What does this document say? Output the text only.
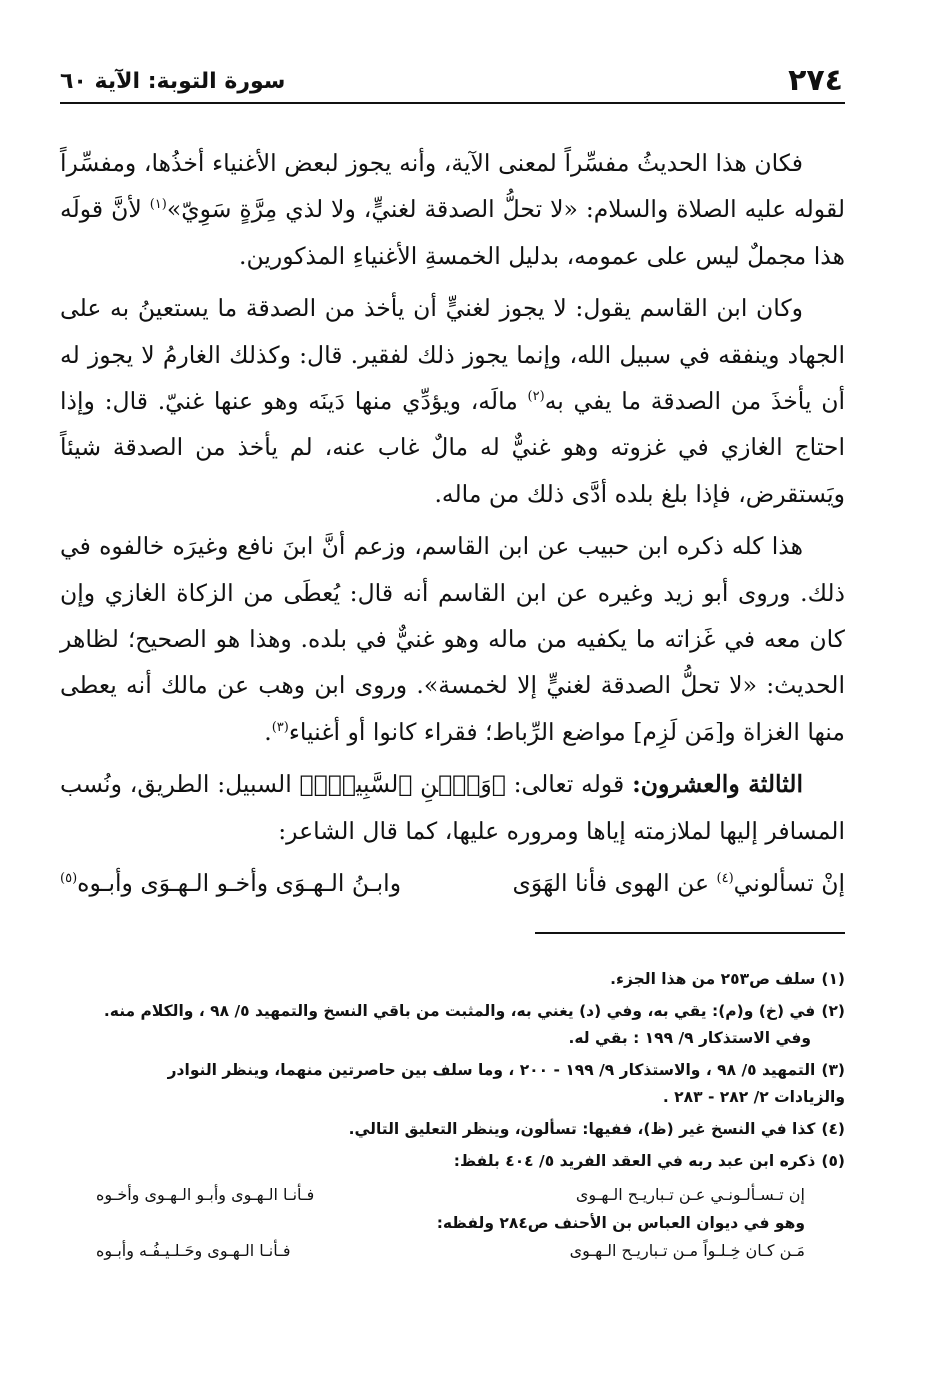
٢٧٤
سورة التوبة: الآية ٦٠

فكان هذا الحديثُ مفسِّراً لمعنى الآية، وأنه يجوز لبعض الأغنياء أخذُها، ومفسِّراً لقوله عليه الصلاة والسلام: «لا تحلُّ الصدقة لغنيٍّ، ولا لذي مِرَّةٍ سَوِيّ»$^{(١)}$ لأنَّ قولَه هذا مجملٌ ليس على عمومه، بدليل الخمسةِ الأغنياءِ المذكورين.

وكان ابن القاسم يقول: لا يجوز لغنيٍّ أن يأخذ من الصدقة ما يستعينُ به على الجهاد وينفقه في سبيل الله، وإنما يجوز ذلك لفقير. قال: وكذلك الغارمُ لا يجوز له أن يأخذَ من الصدقة ما يفي به$^{(٢)}$ مالَه، ويؤدِّي منها دَينَه وهو عنها غنيّ. قال: وإذا احتاج الغازي في غزوته وهو غنيٌّ له مالٌ غاب عنه، لم يأخذ من الصدقة شيئاً ويَستقرض، فإذا بلغ بلده أدَّى ذلك من ماله.

هذا كله ذكره ابن حبيب عن ابن القاسم، وزعم أنَّ ابنَ نافع وغيرَه خالفوه في ذلك. وروى أبو زيد وغيره عن ابن القاسم أنه قال: يُعطَى من الزكاة الغازي وإن كان معه في غَزاته ما يكفيه من ماله وهو غنيٌّ في بلده. وهذا هو الصحيح؛ لظاهر الحديث: «لا تحلُّ الصدقة لغنيٍّ إلا لخمسة». وروى ابن وهب عن مالك أنه يعطى منها الغزاة و[مَن لَزِم] مواضع الرِّباط؛ فقراء كانوا أو أغنياء$^{(٣)}$.

الثالثة والعشرون: قوله تعالى: ﴿وَٱبۡنِ ٱلسَّبِيلِۖ﴾ السبيل: الطريق، ونُسب المسافر إليها لملازمته إياها ومروره عليها، كما قال الشاعر:

إنْ تسألوني$^{(٤)}$ عن الهوى فأنا الهَوَى
وابـنُ الـهـوَى وأخـو الـهـوَى وأبـوه$^{(٥)}$
(١)سلف ص٢٥٣ من هذا الجزء.
(٢)في (خ) و(م): يقي به، وفي (د) يغني به، والمثبت من باقي النسخ والتمهيد ٥/ ٩٨ ، والكلام منه.
وفي الاستذكار ٩/ ١٩٩ : بقي له.
(٣)التمهيد ٥/ ٩٨ ، والاستذكار ٩/ ١٩٩ - ٢٠٠ ، وما سلف بين حاصرتين منهما، وينظر النوادر
والزيادات ٢/ ٢٨٢ - ٢٨٣ .
(٤)كذا في النسخ غير (ظ)، ففيها: تسألون، وينظر التعليق التالي.
(٥)ذكره ابن عبد ربه في العقد الفريد ٥/ ٤٠٤ بلفظ:
إن تـسـألـونـي عـن تـباريـح الـهـوى
فـأنـا الـهـوى وأبـو الـهـوى وأخـوه
وهو في ديوان العباس بن الأحنف ص٢٨٤ ولفظه:
مَـن كـان خِـلـواً مـن تـباريـح الـهـوى
فـأنـا الـهـوى وحَـلـيـفُـه وأبـوه
